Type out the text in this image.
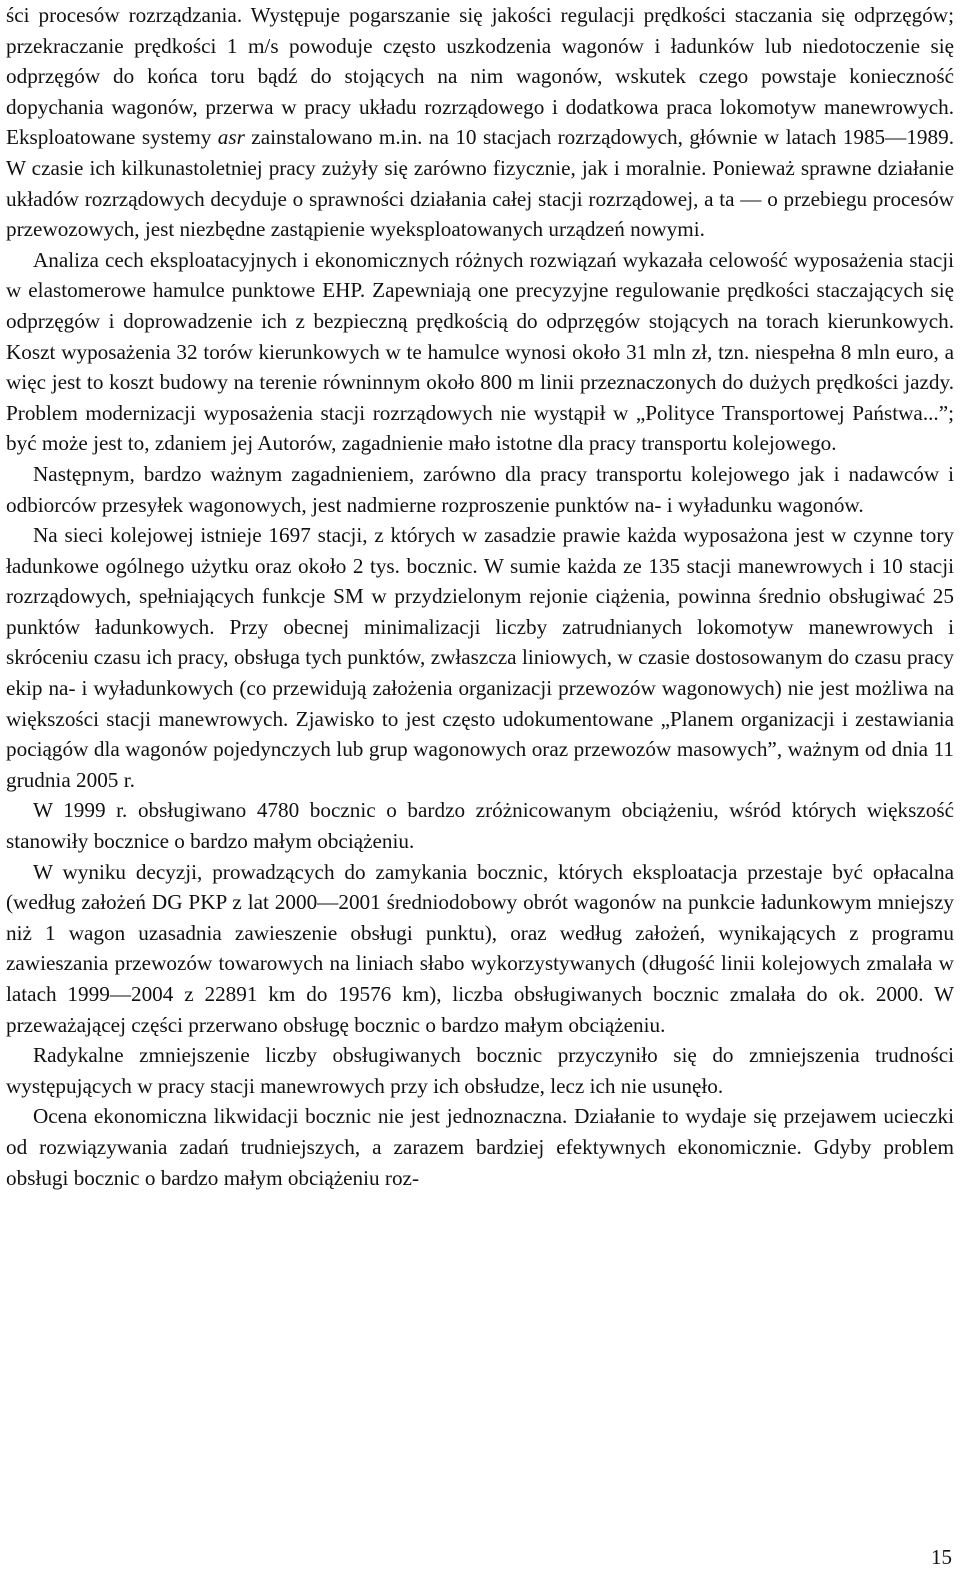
ści procesów rozrządzania. Występuje pogarszanie się jakości regulacji prędkości staczania się odprzęgów; przekraczanie prędkości 1 m/s powoduje często uszkodzenia wagonów i ładunków lub niedotoczenie się odprzęgów do końca toru bądź do stojących na nim wagonów, wskutek czego powstaje konieczność dopychania wagonów, przerwa w pracy układu rozrządowego i dodatkowa praca lokomotyw manewrowych. Eksploatowane systemy asr zainstalowano m.in. na 10 stacjach rozrządowych, głównie w latach 1985—1989. W czasie ich kilkunastoletniej pracy zużyły się zarówno fizycznie, jak i moralnie. Ponieważ sprawne działanie układów rozrządowych decyduje o sprawności działania całej stacji rozrządowej, a ta — o przebiegu procesów przewozowych, jest niezbędne zastąpienie wyeksploatowanych urządzeń nowymi.

Analiza cech eksploatacyjnych i ekonomicznych różnych rozwiązań wykazała celowość wyposażenia stacji w elastomerowe hamulce punktowe EHP. Zapewniają one precyzyjne regulowanie prędkości staczających się odprzęgów i doprowadzenie ich z bezpieczną prędkością do odprzęgów stojących na torach kierunkowych. Koszt wyposażenia 32 torów kierunkowych w te hamulce wynosi około 31 mln zł, tzn. niespełna 8 mln euro, a więc jest to koszt budowy na terenie równinnym około 800 m linii przeznaczonych do dużych prędkości jazdy. Problem modernizacji wyposażenia stacji rozrządowych nie wystąpił w „Polityce Transportowej Państwa...”; być może jest to, zdaniem jej Autorów, zagadnienie mało istotne dla pracy transportu kolejowego.

Następnym, bardzo ważnym zagadnieniem, zarówno dla pracy transportu kolejowego jak i nadawców i odbiorców przesyłek wagonowych, jest nadmierne rozproszenie punktów na- i wyładunku wagonów.

Na sieci kolejowej istnieje 1697 stacji, z których w zasadzie prawie każda wyposażona jest w czynne tory ładunkowe ogólnego użytku oraz około 2 tys. bocznic. W sumie każda ze 135 stacji manewrowych i 10 stacji rozrządowych, spełniających funkcje SM w przydzielonym rejonie ciążenia, powinna średnio obsługiwać 25 punktów ładunkowych. Przy obecnej minimalizacji liczby zatrudnianych lokomotyw manewrowych i skróceniu czasu ich pracy, obsługa tych punktów, zwłaszcza liniowych, w czasie dostosowanym do czasu pracy ekip na- i wyładunkowych (co przewidują założenia organizacji przewozów wagonowych) nie jest możliwa na większości stacji manewrowych. Zjawisko to jest często udokumentowane „Planem organizacji i zestawiania pociągów dla wagonów pojedynczych lub grup wagonowych oraz przewozów masowych”, ważnym od dnia 11 grudnia 2005 r.

W 1999 r. obsługiwano 4780 bocznic o bardzo zróżnicowanym obciążeniu, wśród których większość stanowiły bocznice o bardzo małym obciążeniu.

W wyniku decyzji, prowadzących do zamykania bocznic, których eksploatacja przestaje być opłacalna (według założeń DG PKP z lat 2000—2001 średniodobowy obrót wagonów na punkcie ładunkowym mniejszy niż 1 wagon uzasadnia zawieszenie obsługi punktu), oraz według założeń, wynikających z programu zawieszania przewozów towarowych na liniach słabo wykorzystywanych (długość linii kolejowych zmalała w latach 1999—2004 z 22891 km do 19576 km), liczba obsługiwanych bocznic zmalała do ok. 2000. W przeważającej części przerwano obsługę bocznic o bardzo małym obciążeniu.

Radykalne zmniejszenie liczby obsługiwanych bocznic przyczyniło się do zmniejszenia trudności występujących w pracy stacji manewrowych przy ich obsłudze, lecz ich nie usunęło.

Ocena ekonomiczna likwidacji bocznic nie jest jednoznaczna. Działanie to wydaje się przejawem ucieczki od rozwiązywania zadań trudniejszych, a zarazem bardziej efektywnych ekonomicznie. Gdyby problem obsługi bocznic o bardzo małym obciążeniu roz-

15
